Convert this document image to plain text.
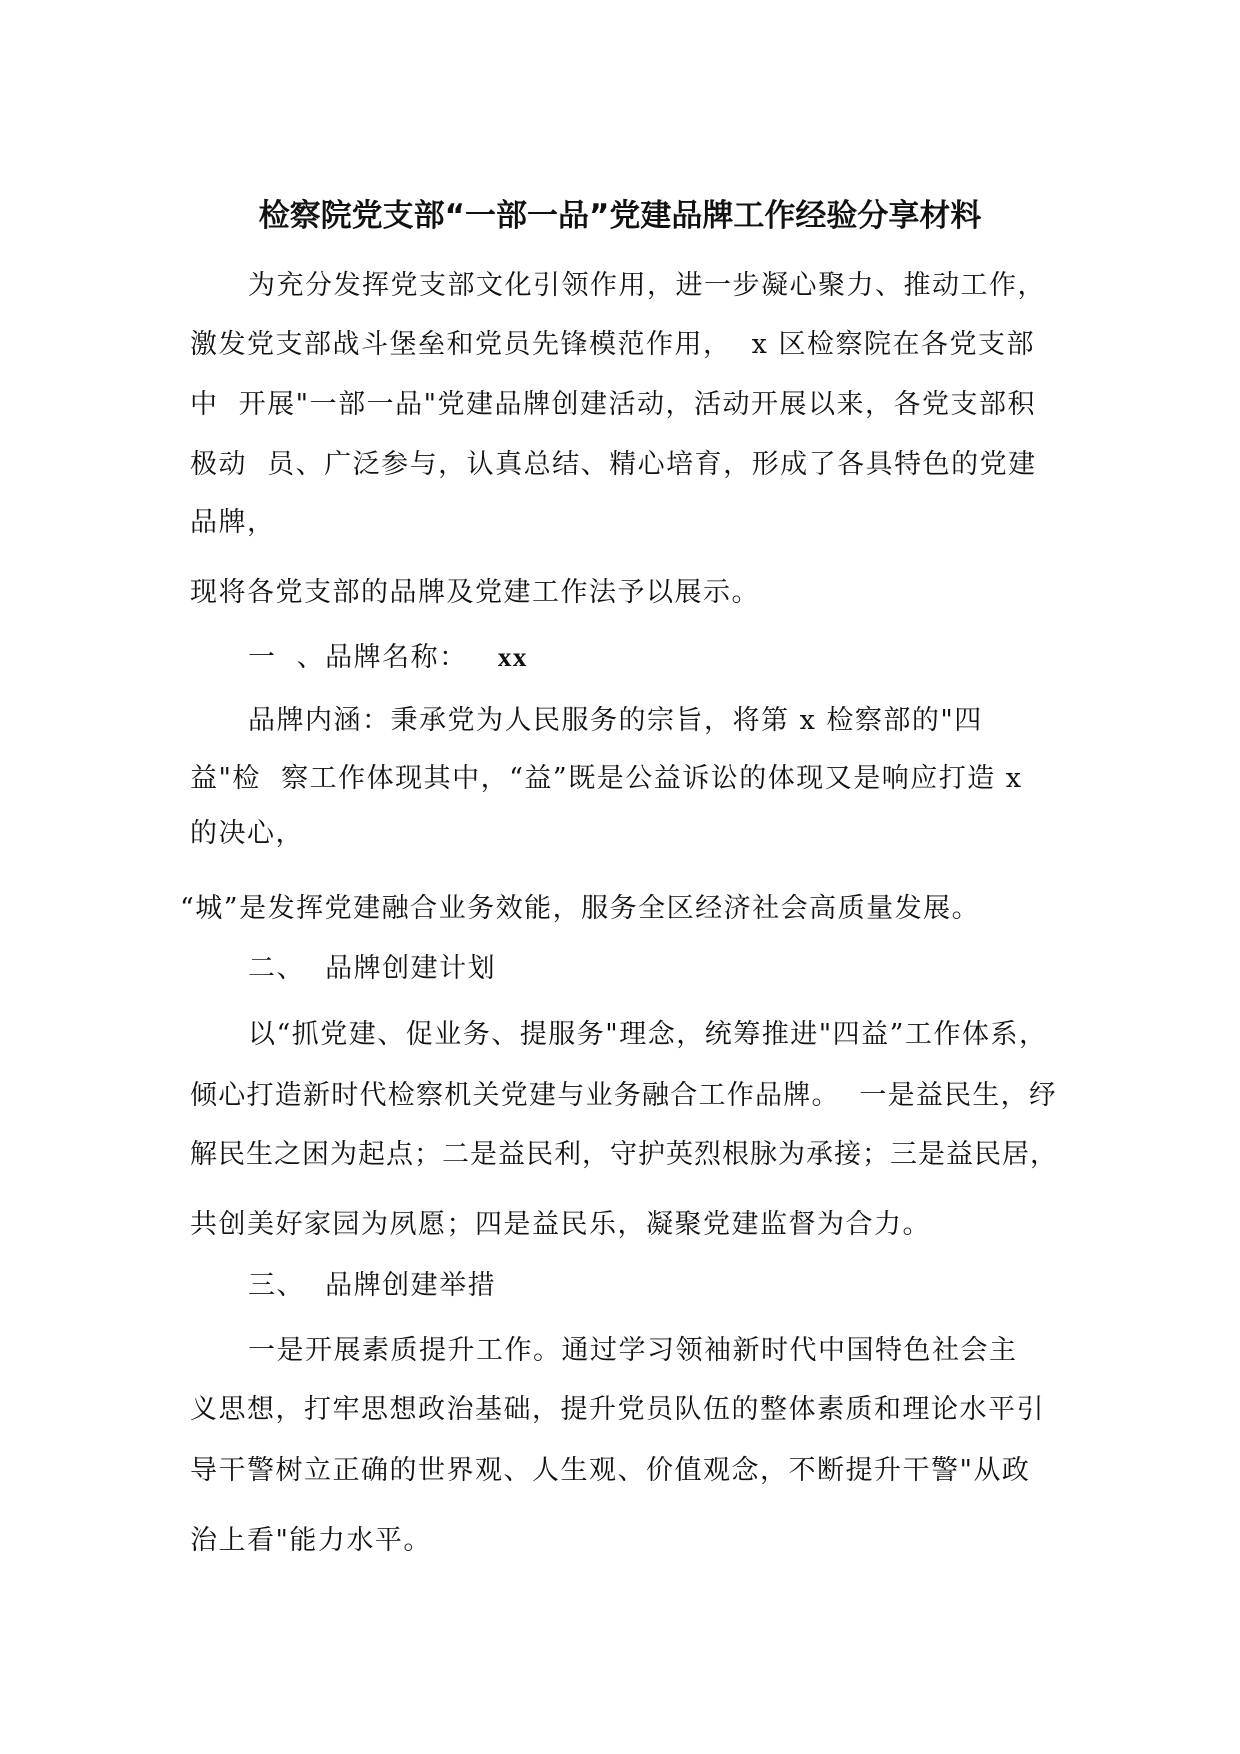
检察院党支部“一部一品”党建品牌工作经验分享材料
为充分发挥党支部文化引领作用，进一步凝心聚力、推动工作，
激发党支部战斗堡垒和党员先锋模范作用，  x 区检察院在各党支部
中  开展"一部一品"党建品牌创建活动，活动开展以来，各党支部积
极动  员、广泛参与，认真总结、精心培育，形成了各具特色的党建
品牌，
现将各党支部的品牌及党建工作法予以展示。
一  、品牌名称： xx
品牌内涵：秉承党为人民服务的宗旨，将第 x 检察部的"四
益"检  察工作体现其中，“益”既是公益诉讼的体现又是响应打造 x
的决心，
“城”是发挥党建融合业务效能，服务全区经济社会高质量发展。
二、  品牌创建计划
以“抓党建、促业务、提服务"理念，统筹推进"四益”工作体系，
倾心打造新时代检察机关党建与业务融合工作品牌。  一是益民生，纾
解民生之困为起点；二是益民利，守护英烈根脉为承接；三是益民居，
共创美好家园为夙愿；四是益民乐，凝聚党建监督为合力。
三、  品牌创建举措
一是开展素质提升工作。通过学习领袖新时代中国特色社会主
义思想，打牢思想政治基础，提升党员队伍的整体素质和理论水平引
导干警树立正确的世界观、人生观、价值观念，不断提升干警"从政
治上看"能力水平。
